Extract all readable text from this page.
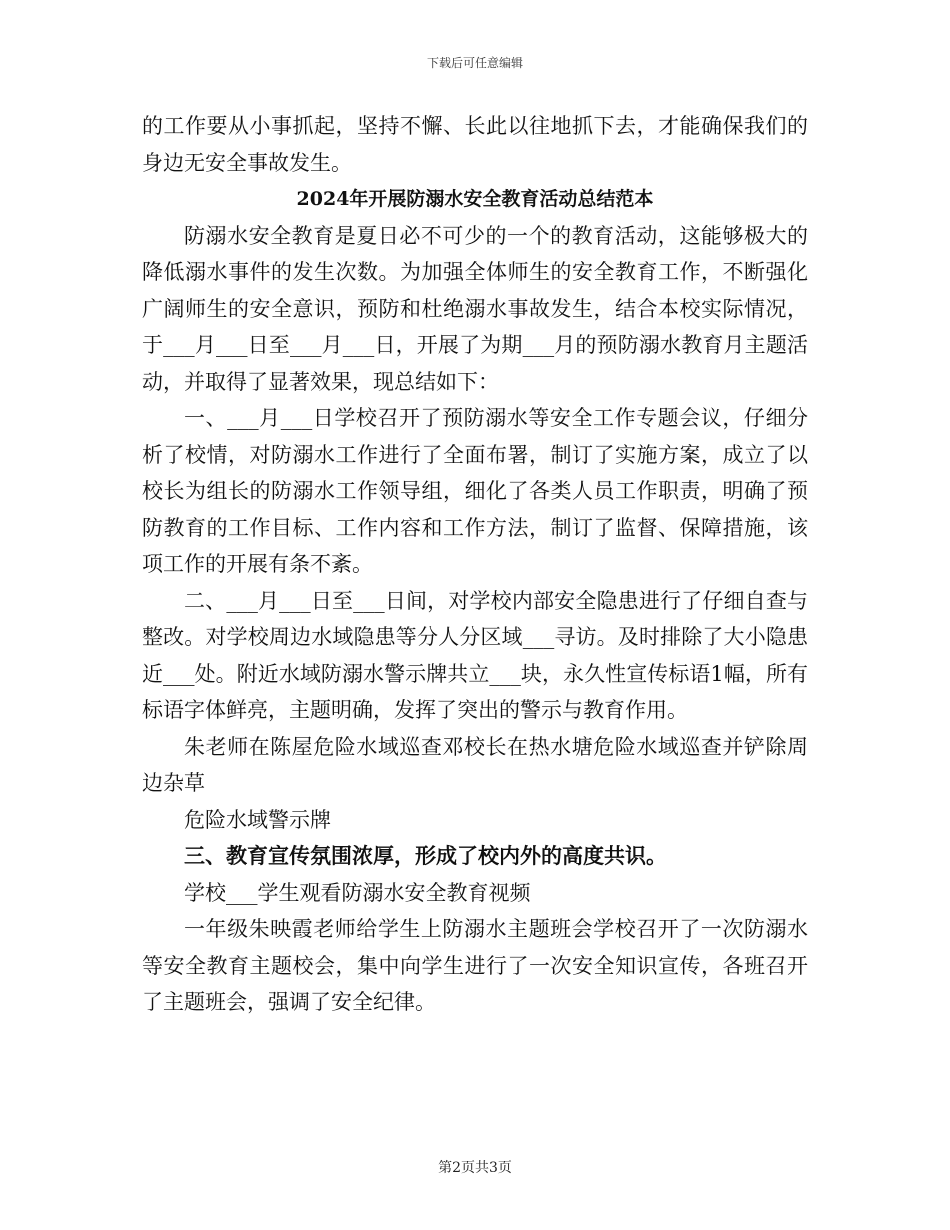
下载后可任意编辑

的工作要从小事抓起，坚持不懈、长此以往地抓下去，才能确保我们的身边无安全事故发生。

2024年开展防溺水安全教育活动总结范本

防溺水安全教育是夏日必不可少的一个的教育活动，这能够极大的降低溺水事件的发生次数。为加强全体师生的安全教育工作，不断强化广阔师生的安全意识，预防和杜绝溺水事故发生，结合本校实际情况，于___月___日至___月___日，开展了为期___月的预防溺水教育月主题活动，并取得了显著效果，现总结如下：

一、___月___日学校召开了预防溺水等安全工作专题会议，仔细分析了校情，对防溺水工作进行了全面布署，制订了实施方案，成立了以校长为组长的防溺水工作领导组，细化了各类人员工作职责，明确了预防教育的工作目标、工作内容和工作方法，制订了监督、保障措施，该项工作的开展有条不紊。

二、___月___日至___日间，对学校内部安全隐患进行了仔细自查与整改。对学校周边水域隐患等分人分区域___寻访。及时排除了大小隐患近___处。附近水域防溺水警示牌共立___块，永久性宣传标语1幅，所有标语字体鲜亮，主题明确，发挥了突出的警示与教育作用。

朱老师在陈屋危险水域巡查邓校长在热水塘危险水域巡查并铲除周边杂草

危险水域警示牌

三、教育宣传氛围浓厚，形成了校内外的高度共识。

学校___学生观看防溺水安全教育视频

一年级朱映霞老师给学生上防溺水主题班会学校召开了一次防溺水等安全教育主题校会，集中向学生进行了一次安全知识宣传，各班召开了主题班会，强调了安全纪律。

第2页共3页
